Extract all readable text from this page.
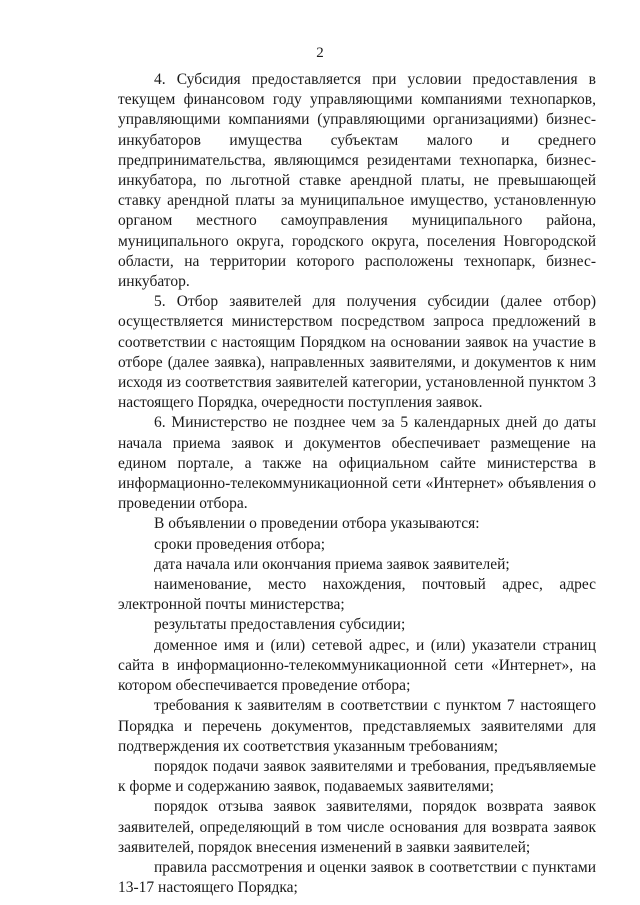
2

4. Субсидия предоставляется при условии предоставления в текущем финансовом году управляющими компаниями технопарков, управляющими компаниями (управляющими организациями) бизнес-инкубаторов имущества субъектам малого и среднего предпринимательства, являющимся резидентами технопарка, бизнес-инкубатора, по льготной ставке арендной платы, не превышающей ставку арендной платы за муниципальное имущество, установленную органом местного самоуправления муниципального района, муниципального округа, городского округа, поселения Новгородской области, на территории которого расположены технопарк, бизнес-инкубатор.

5. Отбор заявителей для получения субсидии (далее отбор) осуществляется министерством посредством запроса предложений в соответствии с настоящим Порядком на основании заявок на участие в отборе (далее заявка), направленных заявителями, и документов к ним исходя из соответствия заявителей категории, установленной пунктом 3 настоящего Порядка, очередности поступления заявок.

6. Министерство не позднее чем за 5 календарных дней до даты начала приема заявок и документов обеспечивает размещение на едином портале, а также на официальном сайте министерства в информационно-телекоммуникационной сети «Интернет» объявления о проведении отбора.

В объявлении о проведении отбора указываются:

сроки проведения отбора;

дата начала или окончания приема заявок заявителей;

наименование, место нахождения, почтовый адрес, адрес электронной почты министерства;

результаты предоставления субсидии;

доменное имя и (или) сетевой адрес, и (или) указатели страниц сайта в информационно-телекоммуникационной сети «Интернет», на котором обеспечивается проведение отбора;

требования к заявителям в соответствии с пунктом 7 настоящего Порядка и перечень документов, представляемых заявителями для подтверждения их соответствия указанным требованиям;

порядок подачи заявок заявителями и требования, предъявляемые к форме и содержанию заявок, подаваемых заявителями;

порядок отзыва заявок заявителями, порядок возврата заявок заявителей, определяющий в том числе основания для возврата заявок заявителей, порядок внесения изменений в заявки заявителей;

правила рассмотрения и оценки заявок в соответствии с пунктами 13-17 настоящего Порядка;
